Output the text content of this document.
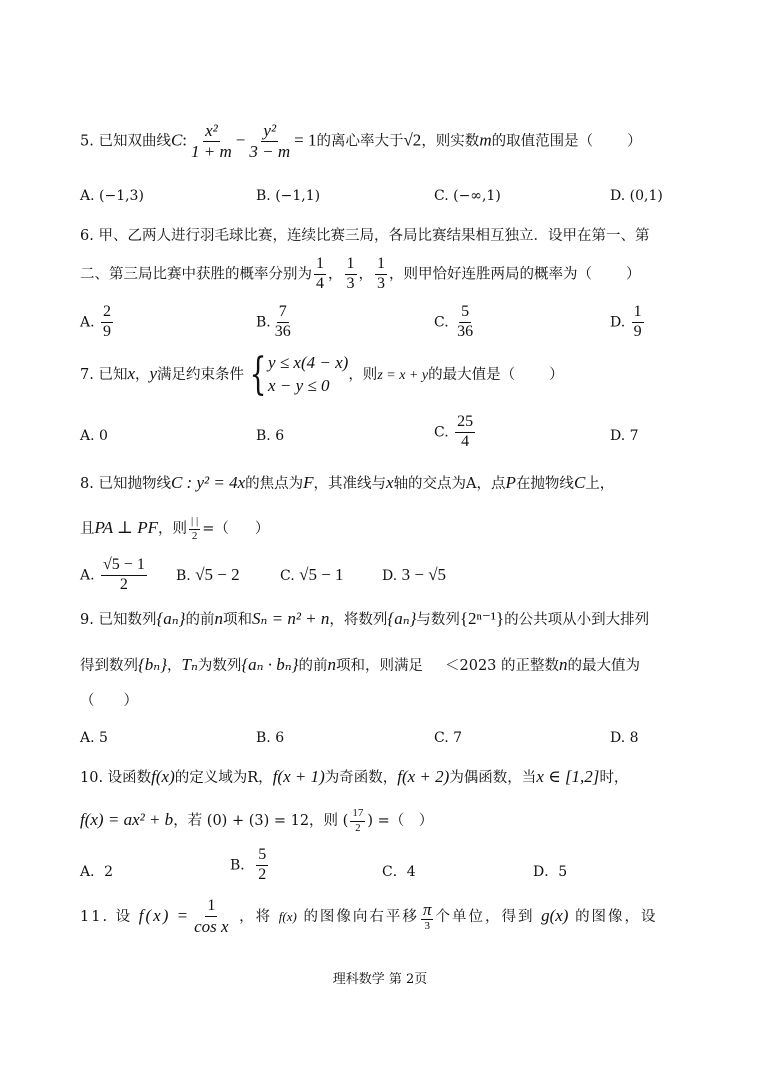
5. 已知双曲线C: $\frac{\text{x²}}{1 + m} - \frac{\text{y²}}{3 - m} = 1$的离心率大于√2，则实数m的取值范围是（ ）
A. (−1,3)	B. (−1,1)	C. (−∞,1)	D. (0,1)
6. 甲、乙两人进行羽毛球比赛，连续比赛三局，各局比赛结果相互独立．设甲在第一、第
二、第三局比赛中获胜的概率分别为 $\frac{1}{4}$ ， $\frac{1}{3}$ ， $\frac{1}{3}$ ，则甲恰好连胜两局的概率为（ ）
A. $\frac{2}{9}$	B. $\frac{7}{36}$	C. $\frac{5}{36}$	D. $\frac{1}{9}$
7. 已知x，y满足约束条件 { y ≤ x(4 − x)
x − y ≤ 0
，则z = x + y的最大值是（ ）
A. 0	B. 6	C. $\frac{25}{4}$	D. 7
8. 已知抛物线C : y² = 4x的焦点为F，其准线与x轴的交点为A，点P在抛物线C上，
且PA ⊥ PF，则 $\frac{| |}{2}$ =（ ）
A. $\frac{√5 - 1}{2} B$. √5 − 2	C. √5 − 1	D. 3 − √5
9. 已知数列{aₙ}的前n项和Sₙ = n² + n，将数列{aₙ}与数列{2ⁿ⁻¹}的公共项从小到大排列
得到数列{bₙ}，Tₙ为数列{aₙ · bₙ}的前n项和，则满足 ＜2023 的正整数n的最大值为
（　　）
A. 5	B. 6	C. 7	D. 8
10. 设函数f(x)的定义域为R，f(x + 1)为奇函数，f(x + 2)为偶函数，当x ∈ [1,2]时，
f(x) = ax² + b，若 (0) + (3) = 12，则 ( $\frac{17}{2}$ ) =（　）
A．2	B． $\frac{5}{2}$	C．4	D．5
11. 设 $f(x) = \frac{1}{\text{cos x}}$ ，将 f(x) 的图像向右平移 $\frac{\pi}{3}$ 个单位，得到 g(x) 的图像，设
理科数学 第 2页
